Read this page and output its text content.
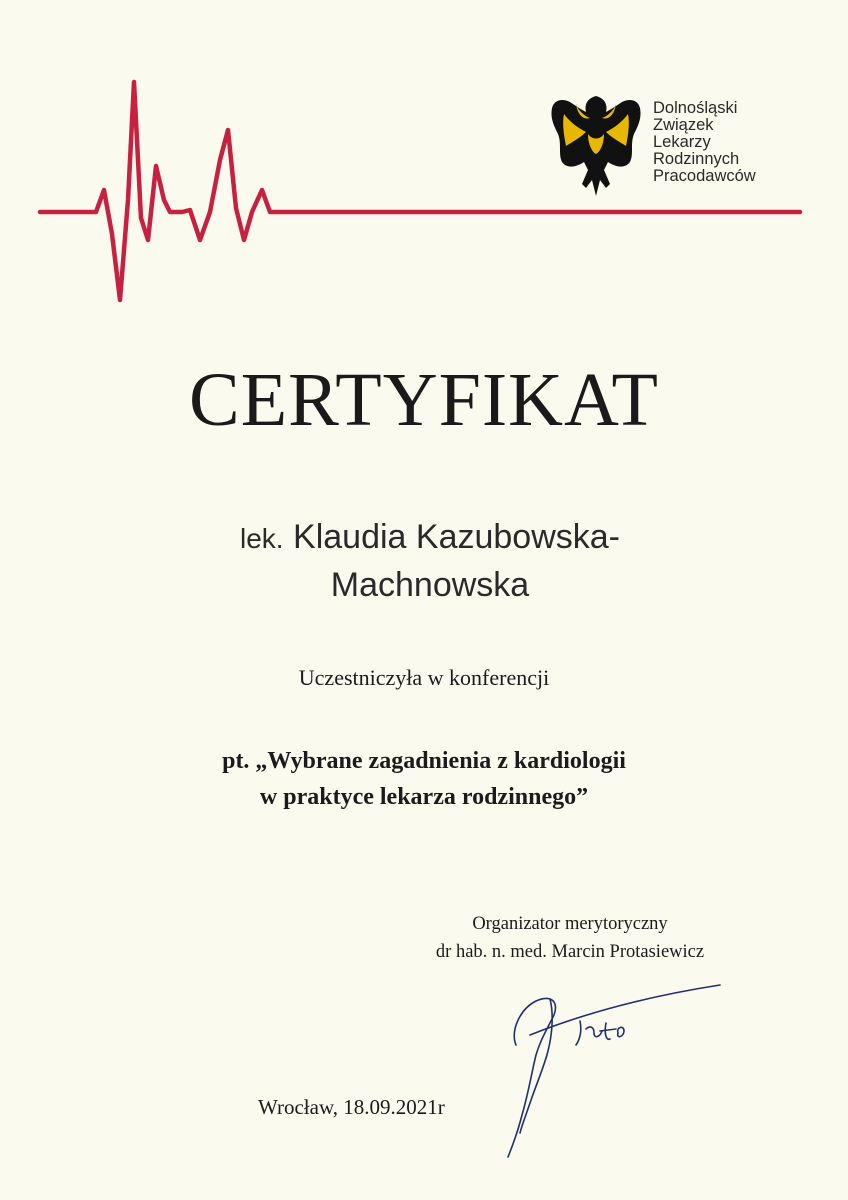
Dolnośląski
Związek
Lekarzy
Rodzinnych
Pracodawców
CERTYFIKAT
lek. Klaudia Kazubowska-
Machnowska
Uczestniczyła w konferencji
pt. „Wybrane zagadnienia z kardiologii
w praktyce lekarza rodzinnego”
Organizator merytoryczny
dr hab. n. med. Marcin Protasiewicz
Wrocław, 18.09.2021r
